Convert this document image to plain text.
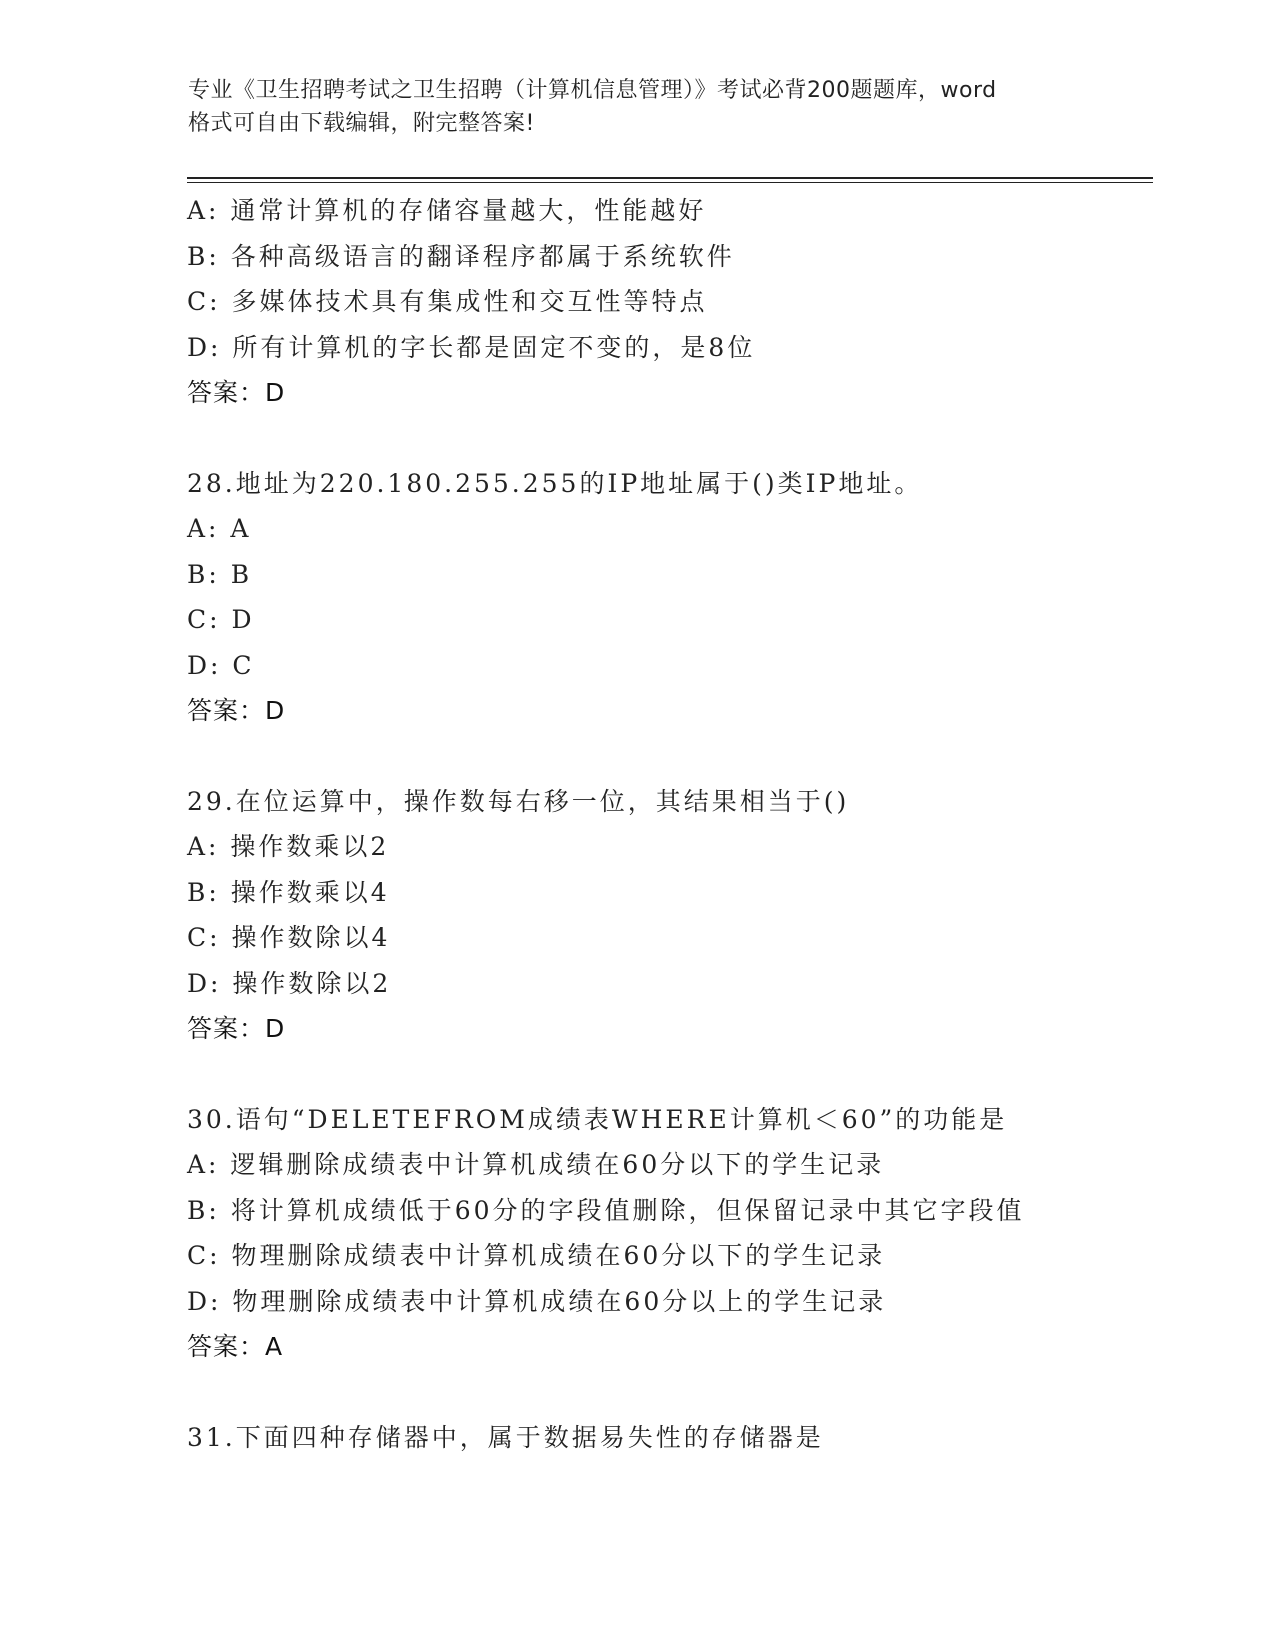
专业《卫生招聘考试之卫生招聘（计算机信息管理）》考试必背200题题库，word
格式可自由下载编辑，附完整答案!
A: 通常计算机的存储容量越大，性能越好
B: 各种高级语言的翻译程序都属于系统软件
C: 多媒体技术具有集成性和交互性等特点
D: 所有计算机的字长都是固定不变的，是8位
答案：D
28.地址为220.180.255.255的IP地址属于()类IP地址。
A: A
B: B
C: D
D: C
答案：D
29.在位运算中，操作数每右移一位，其结果相当于()
A: 操作数乘以2
B: 操作数乘以4
C: 操作数除以4
D: 操作数除以2
答案：D
30.语句“DELETEFROM成绩表WHERE计算机＜60”的功能是
A: 逻辑删除成绩表中计算机成绩在60分以下的学生记录
B: 将计算机成绩低于60分的字段值删除，但保留记录中其它字段值
C: 物理删除成绩表中计算机成绩在60分以下的学生记录
D: 物理删除成绩表中计算机成绩在60分以上的学生记录
答案：A
31.下面四种存储器中，属于数据易失性的存储器是
